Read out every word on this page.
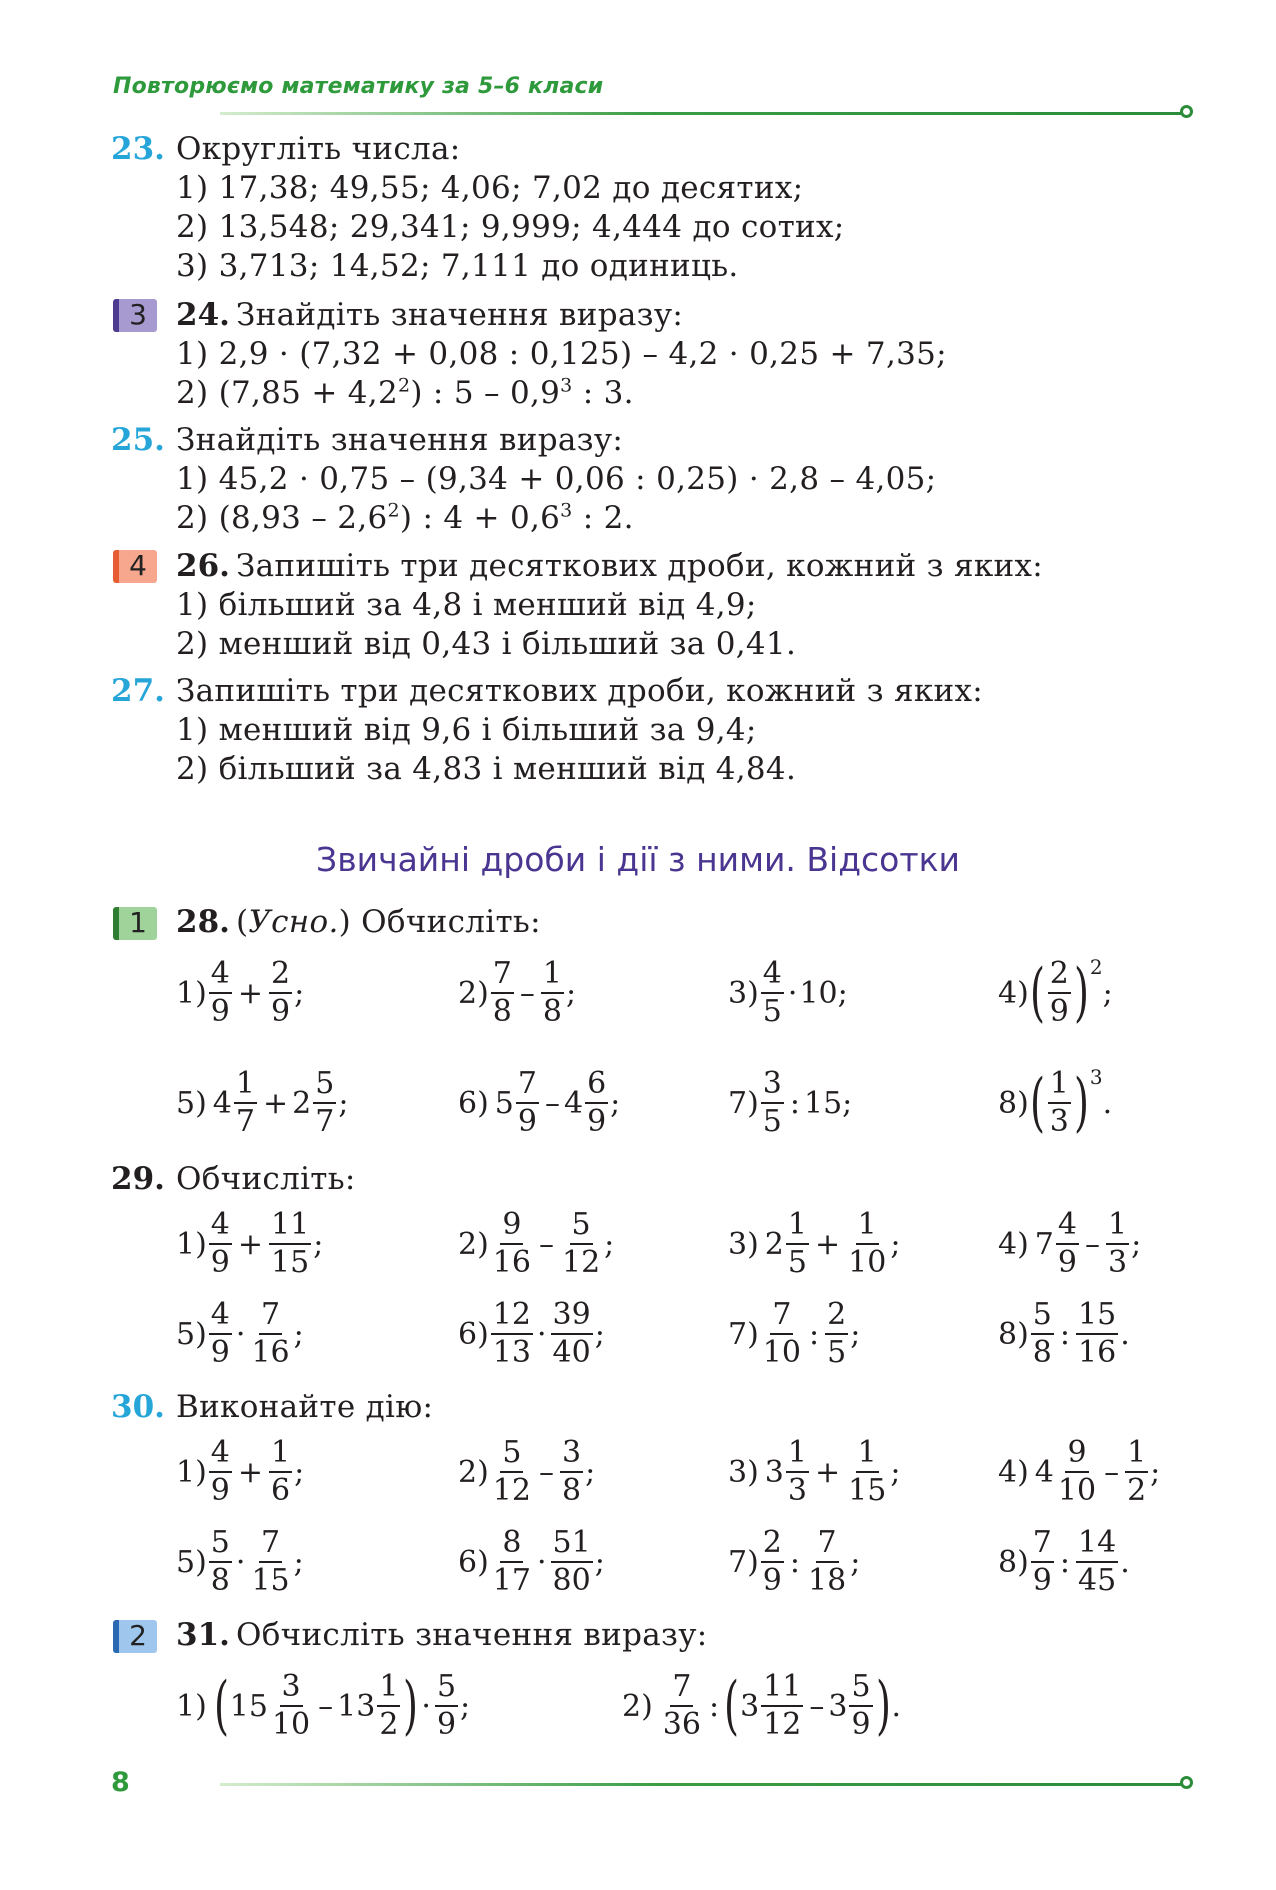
Повторюємо математику за 5–6 класи
23. Округліть числа:
1) 17,38; 49,55; 4,06; 7,02 до десятих;
2) 13,548; 29,341; 9,999; 4,444 до сотих;
3) 3,713; 14,52; 7,111 до одиниць.
3 24. Знайдіть значення виразу:
1) 2,9 · (7,32 + 0,08 : 0,125) – 4,2 · 0,25 + 7,35;
2) $(7,85 + 4,2^2)$ : $5 - 0,9^3$ : 3.
25. Знайдіть значення виразу:
1) 45,2 · 0,75 – (9,34 + 0,06 : 0,25) · 2,8 – 4,05;
2) $(8,93 - 2,6^2)$ : $4 + 0,6^3$ : 2.
4 26. Запишіть три десяткових дроби, кожний з яких:
1) більший за 4,8 і менший від 4,9;
2) менший від 0,43 і більший за 0,41.
27. Запишіть три десяткових дроби, кожний з яких:
1) менший від 9,6 і більший за 9,4;
2) більший за 4,83 і менший від 4,84.
Звичайні дроби і дії з ними. Відсотки
1 28. (Усно.) Обчисліть:
$1) \frac{4}{9} + \frac{2}{9}$ ;	$2) \frac{7}{8} - \frac{1}{8}$ ;	$3) \frac{4}{5} \cdot 10$;	4) ( $\frac{2}{9}$ ) 2
;
5) $4 \frac{1}{7} + 2 \frac{5}{7}$ ;	6) $5 \frac{7}{9} - 4 \frac{6}{9}$ ;	$7) \frac{3}{5}$ : 15;	8) ( $\frac{1}{3}$ ) 3
.
29. Обчисліть:
$1) \frac{4}{9} + \frac{11}{15}$ ;	$2) \frac{9}{16} - \frac{5}{12}$ ;	3) $2 \frac{1}{5} + \frac{1}{10}$ ;	4) $7 \frac{4}{9} - \frac{1}{3}$ ;
$5) \frac{4}{9} \cdot \frac{7}{16}$ ;	$6) \frac{12}{13} \cdot \frac{39}{40}$ ;	$7) \frac{7}{10}$ : $\frac{2}{5}$ ;	$8) \frac{5}{8}$ : $\frac{15}{16}$ .
30. Виконайте дію:
$1) \frac{4}{9} + \frac{1}{6}$ ;	$2) \frac{5}{12} - \frac{3}{8}$ ;	3) $3 \frac{1}{3} + \frac{1}{15}$ ;	4) $4 \frac{9}{10} - \frac{1}{2}$ ;
$5) \frac{5}{8} \cdot \frac{7}{15}$ ;	$6) \frac{8}{17} \cdot \frac{51}{80}$ ;	$7) \frac{2}{9}$ : $\frac{7}{18}$ ;	$8) \frac{7}{9}$ : $\frac{14}{45}$ .
2 31. Обчисліть значення виразу:
1) ( $15 \frac{3}{10} - 13 \frac{1}{2}$ ) · $\frac{5}{9}$ ;	$2) \frac{7}{36}$ : ( $3 \frac{11}{12} - 3 \frac{5}{9}$ ) .
8
